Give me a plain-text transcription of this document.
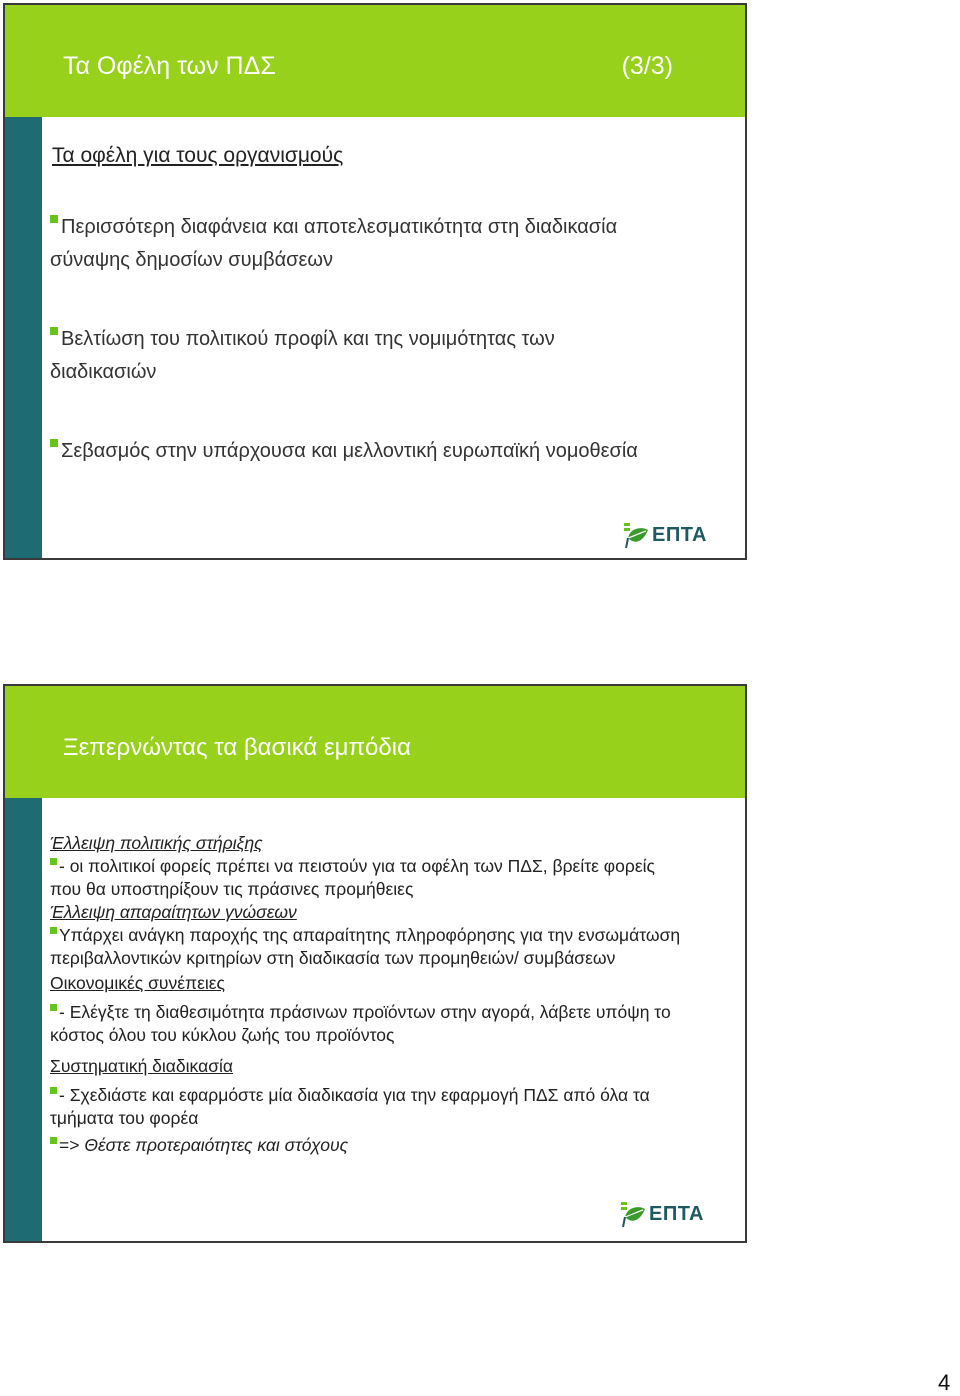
Τα Οφέλη των ΠΔΣ	(3/3)
Τα οφέλη για τους οργανισμούς
Περισσότερη διαφάνεια και αποτελεσματικότητα στη διαδικασία
σύναψης δημοσίων συμβάσεων
Βελτίωση του πολιτικού προφίλ και της νομιμότητας των
διαδικασιών
Σεβασμός στην υπάρχουσα και μελλοντική ευρωπαϊκή νομοθεσία
ΕΠΤΑ
Ξεπερνώντας τα βασικά εμπόδια
Έλλειψη πολιτικής στήριξης
- οι πολιτικοί φορείς πρέπει να πειστούν για τα οφέλη των ΠΔΣ, βρείτε φορείς
που θα υποστηρίξουν τις πράσινες προμήθειες
Έλλειψη απαραίτητων γνώσεων
Υπάρχει ανάγκη παροχής της απαραίτητης πληροφόρησης για την ενσωμάτωση
περιβαλλοντικών κριτηρίων στη διαδικασία των προμηθειών/ συμβάσεων
Οικονομικές συνέπειες
- Ελέγξτε τη διαθεσιμότητα πράσινων προϊόντων στην αγορά, λάβετε υπόψη το
κόστος όλου του κύκλου ζωής του προϊόντος
Συστηματική διαδικασία
- Σχεδιάστε και εφαρμόστε μία διαδικασία για την εφαρμογή ΠΔΣ από όλα τα
τμήματα του φορέα
=> Θέστε προτεραιότητες και στόχους
ΕΠΤΑ
4
